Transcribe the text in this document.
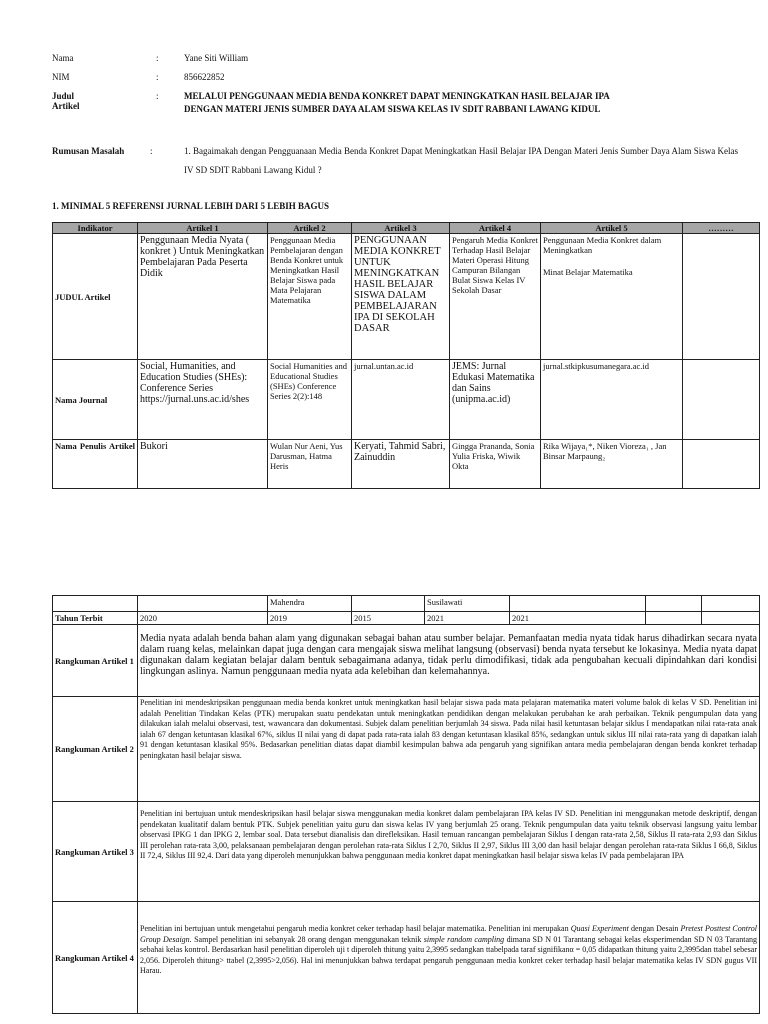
Nama	:	Yane Siti William
NIM	:	856622852
Judul Artikel
:	MELALUI PENGGUNAAN MEDIA BENDA KONKRET DAPAT MENINGKATKAN HASIL BELAJAR IPA
DENGAN MATERI JENIS SUMBER DAYA ALAM SISWA KELAS IV SDIT RABBANI LAWANG KIDUL
Rumusan Masalah	:	1. Bagaimakah dengan Pengguanaan Media Benda Konkret Dapat Meningkatkan Hasil Belajar IPA Dengan Materi Jenis Sumber Daya Alam Siswa Kelas IV SD SDIT Rabbani Lawang Kidul ?
1. MINIMAL 5 REFERENSI JURNAL LEBIH DARI 5 LEBIH BAGUS
Indikator	Artikel 1	Artikel 2	Artikel 3	Artikel 4	Artikel 5	………
JUDUL Artikel	Penggunaan Media Nyata ( konkret ) Untuk Meningkatkan Pembelajaran Pada Peserta Didik	Penggunaan Media Pembelajaran dengan Benda Konkret untuk Meningkatkan Hasil Belajar Siswa pada Mata Pelajaran Matematika	PENGGUNAAN MEDIA KONKRET UNTUK MENINGKATKAN HASIL BELAJAR SISWA DALAM PEMBELAJARAN IPA DI SEKOLAH DASAR	Pengaruh Media Konkret Terhadap Hasil Belajar Materi Operasi Hitung Campuran Bilangan Bulat Siswa Kelas IV Sekolah Dasar	Penggunaan Media Konkret dalam Meningkatkan
Minat Belajar Matematika	

Nama Journal	Social, Humanities, and Education Studies (SHEs): Conference Series https://jurnal.uns.ac.id/shes	Social Humanities and Educational Studies (SHEs) Conference Series 2(2):148	jurnal.untan.ac.id	JEMS: Jurnal Edukasi Matematika dan Sains (unipma.ac.id)	jurnal.stkipkusumanegara.ac.id	
Nama Penulis Artikel	Bukori	Wulan Nur Aeni, Yus Darusman, Hatma Heris	Keryati, Tahmid Sabri, Zainuddin	Gingga Prananda, Sonia Yulia Friska, Wiwik Okta	Rika Wijaya₁*, Niken Vioreza₁ , Jan Binsar Marpaung₂	
		Mahendra		Susilawati			
Tahun Terbit	2020	2019	2015	2021	2021		
Rangkuman Artikel 1	Media nyata adalah benda bahan alam yang digunakan sebagai bahan atau sumber belajar. Pemanfaatan media nyata tidak harus dihadirkan secara nyata dalam ruang kelas, melainkan dapat juga dengan cara mengajak siswa melihat langsung (observasi) benda nyata tersebut ke lokasinya. Media nyata dapat digunakan dalam kegiatan belajar dalam bentuk sebagaimana adanya, tidak perlu dimodifikasi, tidak ada pengubahan kecuali dipindahkan dari kondisi lingkungan aslinya. Namun penggunaan media nyata ada kelebihan dan kelemahannya.						
Rangkuman Artikel 2	Penelitian ini mendeskripsikan penggunaan media benda konkret untuk meningkatkan hasil belajar siswa pada mata pelajaran matematika materi volume balok di kelas V SD. Penelitian ini adalah Penelitian Tindakan Kelas (PTK) merupakan suatu pendekatan untuk meningkatkan pendidikan dengan melakukan perubahan ke arah perbaikan. Teknik pengumpulan data yang dilakukan ialah melalui observasi, test, wawancara dan dokumentasi. Subjek dalam penelitian berjumlah 34 siswa. Pada nilai hasil ketuntasan belajar siklus I mendapatkan nilai rata-rata anak ialah 67 dengan ketuntasan klasikal 67%, siklus II nilai yang di dapat pada rata-rata ialah 83 dengan ketuntasan klasikal 85%, sedangkan untuk siklus III nilai rata-rata yang di dapatkan ialah 91 dengan ketuntasan klasikal 95%. Bedasarkan penelitian diatas dapat diambil kesimpulan bahwa ada pengaruh yang signifikan antara media pembelajaran dengan benda konkret terhadap peningkatan hasil belajar siswa.						
Rangkuman Artikel 3	Penelitian ini bertujuan untuk mendeskripsikan hasil belajar siswa menggunakan media konkret dalam pembelajaran IPA kelas IV SD. Penelitian ini menggunakan metode deskriptif, dengan pendekatan kualitatif dalam bentuk PTK. Subjek penelitian yaitu guru dan siswa kelas IV yang berjumlah 25 orang. Teknik pengumpulan data yaitu teknik observasi langsung yaitu lembar observasi IPKG 1 dan IPKG 2, lembar soal. Data tersebut dianalisis dan direfleksikan. Hasil temuan rancangan pembelajaran Siklus I dengan rata-rata 2,58, Siklus II rata-rata 2,93 dan Siklus III perolehan rata-rata 3,00, pelaksanaan pembelajaran dengan perolehan rata-rata Siklus I 2,70, Siklus II 2,97, Siklus III 3,00 dan hasil belajar dengan perolehan rata-rata Siklus I 66,8, Siklus II 72,4, Siklus III 92,4. Dari data yang diperoleh menunjukkan bahwa penggunaan media konkret dapat meningkatkan hasil belajar siswa kelas IV pada pembelajaran IPA						
Rangkuman Artikel 4	Penelitian ini bertujuan untuk mengetahui pengaruh media konkret ceker terhadap hasil belajar matematika. Penelitian ini merupakan Quasi Experiment dengan Desain Pretest Posttest Control Group Desaign. Sampel penelitian ini sebanyak 28 orang dengan menggunakan teknik simple random campling dimana SD N 01 Tarantang sebagai kelas eksperimendan SD N 03 Tarantang sebahai kelas kontrol. Berdasarkan hasil penelitian diperoleh uji t diperoleh thitung yaitu 2,3995 sedangkan ttabelpada taraf signifikanα = 0,05 didapatkan thitung yaitu 2,3995dan ttabel sebesar 2,056. Diperoleh thitung> ttabel (2,3995>2,056). Hal ini menunjukkan bahwa terdapat pengaruh penggunaan media konkret ceker terhadap hasil belajar matematika kelas IV SDN gugus VII Harau.						
